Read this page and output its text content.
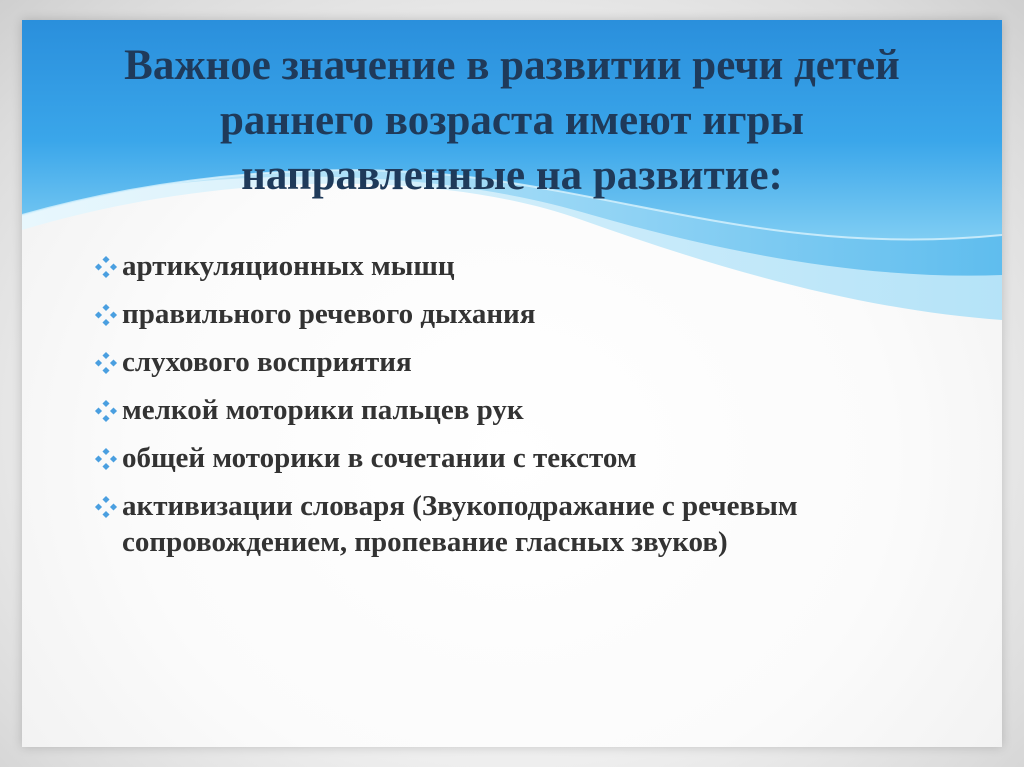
Важное значение в развитии речи детей раннего возраста имеют игры направленные на развитие:
артикуляционных мышц
правильного речевого дыхания
слухового восприятия
мелкой моторики пальцев рук
общей моторики в сочетании с текстом
активизации словаря (Звукоподражание с речевым сопровождением, пропевание гласных звуков)
